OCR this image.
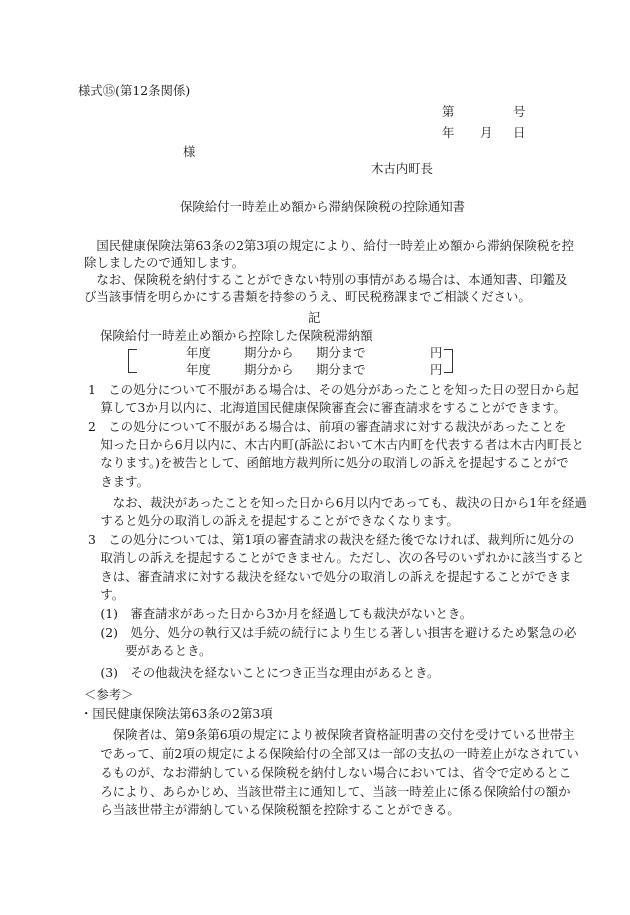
様式⑮(第12条関係)
第	号
年 月 日
様
木古内町長
保険給付一時差止め額から滞納保険税の控除通知書
　国民健康保険法第63条の2第3項の規定により、給付一時差止め額から滞納保険税を控
除しましたので通知します。
　なお、保険税を納付することができない特別の事情がある場合は、本通知書、印鑑及
び当該事情を明らかにする書類を持参のうえ、町民税務課までご相談ください。
記
保険給付一時差止め額から控除した保険税滞納額
年度	期分から 期分まで	円
年度	期分から 期分まで	円
1　この処分について不服がある場合は、その処分があったことを知った日の翌日から起
　算して3か月以内に、北海道国民健康保険審査会に審査請求をすることができます。
2　この処分について不服がある場合は、前項の審査請求に対する裁決があったことを
　知った日から6月以内に、木古内町(訴訟において木古内町を代表する者は木古内町長と
　なります。)を被告として、函館地方裁判所に処分の取消しの訴えを提起することがで
　きます。
　　なお、裁決があったことを知った日から6月以内であっても、裁決の日から1年を経過
　すると処分の取消しの訴えを提起することができなくなります。
3　この処分については、第1項の審査請求の裁決を経た後でなければ、裁判所に処分の
　取消しの訴えを提起することができません。ただし、次の各号のいずれかに該当すると
　きは、審査請求に対する裁決を経ないで処分の取消しの訴えを提起することができま
　す。
　(1)　審査請求があった日から3か月を経過しても裁決がないとき。
　(2)　処分、処分の執行又は手続の続行により生じる著しい損害を避けるため緊急の必
　　　要があるとき。
　(3)　その他裁決を経ないことにつき正当な理由があるとき。
＜参考＞
・国民健康保険法第63条の2第3項
　　保険者は、第9条第6項の規定により被保険者資格証明書の交付を受けている世帯主
　であって、前2項の規定による保険給付の全部又は一部の支払の一時差止がなされてい
　るものが、なお滞納している保険税を納付しない場合においては、省令で定めるとこ
　ろにより、あらかじめ、当該世帯主に通知して、当該一時差止に係る保険給付の額か
　ら当該世帯主が滞納している保険税額を控除することができる。
